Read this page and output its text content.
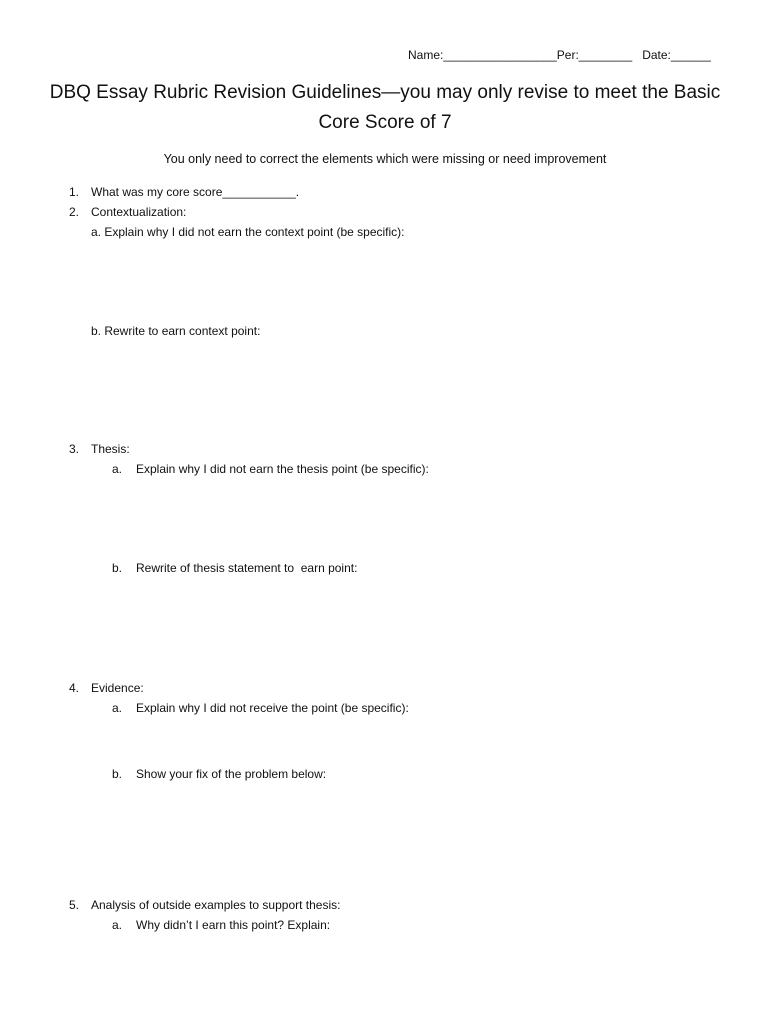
Name:_________________Per:________   Date:______
DBQ Essay Rubric Revision Guidelines—you may only revise to meet the Basic
Core Score of 7
You only need to correct the elements which were missing or need improvement
1. What was my core score___________.
2. Contextualization:
a. Explain why I did not earn the context point (be specific):
b. Rewrite to earn context point:
3. Thesis:
a. Explain why I did not earn the thesis point (be specific):
b. Rewrite of thesis statement to  earn point:
4. Evidence:
a. Explain why I did not receive the point (be specific):
b. Show your fix of the problem below:
5. Analysis of outside examples to support thesis:
a. Why didn’t I earn this point? Explain:
